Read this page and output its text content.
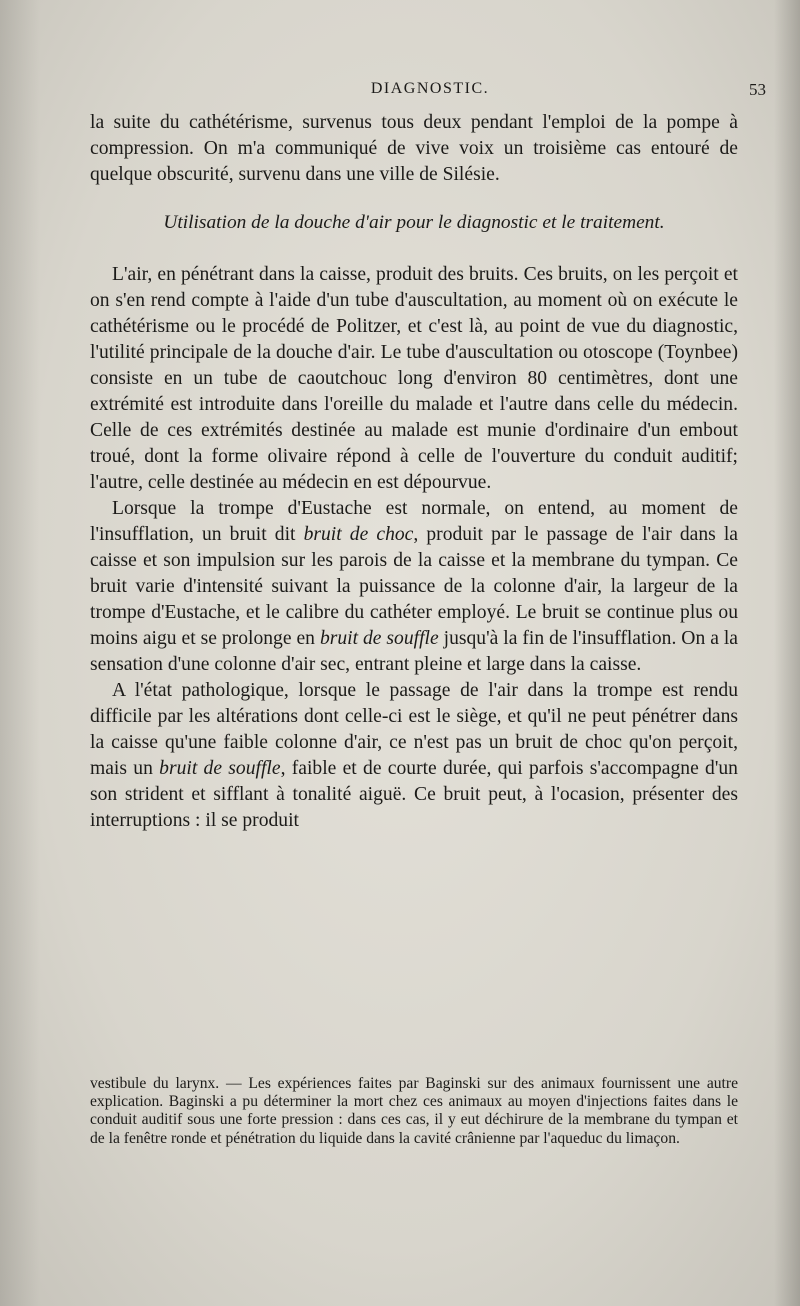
DIAGNOSTIC.	53

la suite du cathétérisme, survenus tous deux pendant l'emploi de la pompe à compression. On m'a communiqué de vive voix un troisième cas entouré de quelque obscurité, survenu dans une ville de Silésie.

Utilisation de la douche d'air pour le diagnostic et le traitement.

L'air, en pénétrant dans la caisse, produit des bruits. Ces bruits, on les perçoit et on s'en rend compte à l'aide d'un tube d'auscultation, au moment où on exécute le cathétérisme ou le procédé de Politzer, et c'est là, au point de vue du diagnostic, l'utilité principale de la douche d'air. Le tube d'auscultation ou otoscope (Toynbee) consiste en un tube de caoutchouc long d'environ 80 centimètres, dont une extrémité est introduite dans l'oreille du malade et l'autre dans celle du médecin. Celle de ces extrémités destinée au malade est munie d'ordinaire d'un embout troué, dont la forme olivaire répond à celle de l'ouverture du conduit auditif; l'autre, celle destinée au médecin en est dépourvue.

Lorsque la trompe d'Eustache est normale, on entend, au moment de l'insufflation, un bruit dit bruit de choc, produit par le passage de l'air dans la caisse et son impulsion sur les parois de la caisse et la membrane du tympan. Ce bruit varie d'intensité suivant la puissance de la colonne d'air, la largeur de la trompe d'Eustache, et le calibre du cathéter employé. Le bruit se continue plus ou moins aigu et se prolonge en bruit de souffle jusqu'à la fin de l'insufflation. On a la sensation d'une colonne d'air sec, entrant pleine et large dans la caisse.

A l'état pathologique, lorsque le passage de l'air dans la trompe est rendu difficile par les altérations dont celle-ci est le siège, et qu'il ne peut pénétrer dans la caisse qu'une faible colonne d'air, ce n'est pas un bruit de choc qu'on perçoit, mais un bruit de souffle, faible et de courte durée, qui parfois s'accompagne d'un son strident et sifflant à tonalité aiguë. Ce bruit peut, à l'ocasion, présenter des interruptions : il se produit

vestibule du larynx. — Les expériences faites par Baginski sur des animaux fournissent une autre explication. Baginski a pu déterminer la mort chez ces animaux au moyen d'injections faites dans le conduit auditif sous une forte pression : dans ces cas, il y eut déchirure de la membrane du tympan et de la fenêtre ronde et pénétration du liquide dans la cavité crânienne par l'aqueduc du limaçon.
